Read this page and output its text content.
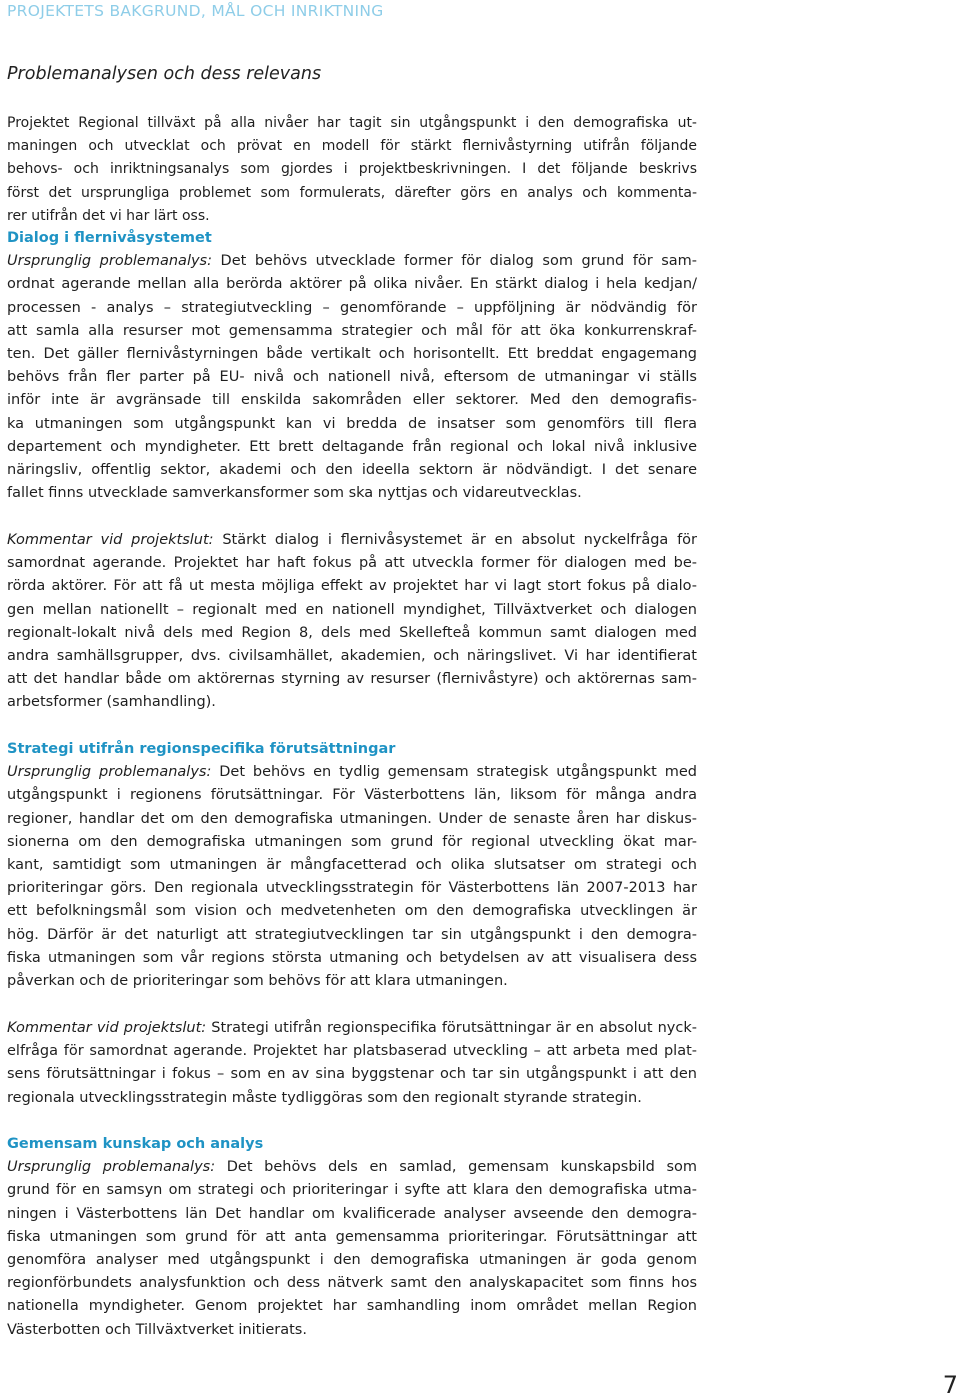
PROJEKTETS BAKGRUND, MÅL OCH INRIKTNING
Problemanalysen och dess relevans
Projektet Regional tillväxt på alla nivåer har tagit sin utgångspunkt i den demografiska ut-
maningen och utvecklat och prövat en modell för stärkt flernivåstyrning utifrån följande
behovs- och inriktningsanalys som gjordes i projektbeskrivningen. I det följande beskrivs
först det ursprungliga problemet som formulerats, därefter görs en analys och kommenta-
rer utifrån det vi har lärt oss.
Dialog i flernivåsystemet
Ursprunglig problemanalys: Det behövs utvecklade former för dialog som grund för sam-
ordnat agerande mellan alla berörda aktörer på olika nivåer. En stärkt dialog i hela kedjan/
processen - analys – strategiutveckling – genomförande – uppföljning är nödvändig för
att samla alla resurser mot gemensamma strategier och mål för att öka konkurrenskraf-
ten. Det gäller flernivåstyrningen både vertikalt och horisontellt. Ett breddat engagemang
behövs från fler parter på EU- nivå och nationell nivå, eftersom de utmaningar vi ställs
inför inte är avgränsade till enskilda sakområden eller sektorer. Med den demografis-
ka utmaningen som utgångspunkt kan vi bredda de insatser som genomförs till flera
departement och myndigheter. Ett brett deltagande från regional och lokal nivå inklusive
näringsliv, offentlig sektor, akademi och den ideella sektorn är nödvändigt. I det senare
fallet finns utvecklade samverkansformer som ska nyttjas och vidareutvecklas.
Kommentar vid projektslut: Stärkt dialog i flernivåsystemet är en absolut nyckelfråga för
samordnat agerande. Projektet har haft fokus på att utveckla former för dialogen med be-
rörda aktörer. För att få ut mesta möjliga effekt av projektet har vi lagt stort fokus på dialo-
gen mellan nationellt – regionalt med en nationell myndighet, Tillväxtverket och dialogen
regionalt-lokalt nivå dels med Region 8, dels med Skellefteå kommun samt dialogen med
andra samhällsgrupper, dvs. civilsamhället, akademien, och näringslivet. Vi har identifierat
att det handlar både om aktörernas styrning av resurser (flernivåstyre) och aktörernas sam-
arbetsformer (samhandling).
Strategi utifrån regionspecifika förutsättningar
Ursprunglig problemanalys: Det behövs en tydlig gemensam strategisk utgångspunkt med
utgångspunkt i regionens förutsättningar. För Västerbottens län, liksom för många andra
regioner, handlar det om den demografiska utmaningen. Under de senaste åren har diskus-
sionerna om den demografiska utmaningen som grund för regional utveckling ökat mar-
kant, samtidigt som utmaningen är mångfacetterad och olika slutsatser om strategi och
prioriteringar görs. Den regionala utvecklingsstrategin för Västerbottens län 2007-2013 har
ett befolkningsmål som vision och medvetenheten om den demografiska utvecklingen är
hög. Därför är det naturligt att strategiutvecklingen tar sin utgångspunkt i den demogra-
fiska utmaningen som vår regions största utmaning och betydelsen av att visualisera dess
påverkan och de prioriteringar som behövs för att klara utmaningen.
Kommentar vid projektslut: Strategi utifrån regionspecifika förutsättningar är en absolut nyck-
elfråga för samordnat agerande. Projektet har platsbaserad utveckling – att arbeta med plat-
sens förutsättningar i fokus – som en av sina byggstenar och tar sin utgångspunkt i att den
regionala utvecklingsstrategin måste tydliggöras som den regionalt styrande strategin.
Gemensam kunskap och analys
Ursprunglig problemanalys: Det behövs dels en samlad, gemensam kunskapsbild som
grund för en samsyn om strategi och prioriteringar i syfte att klara den demografiska utma-
ningen i Västerbottens län Det handlar om kvalificerade analyser avseende den demogra-
fiska utmaningen som grund för att anta gemensamma prioriteringar. Förutsättningar att
genomföra analyser med utgångspunkt i den demografiska utmaningen är goda genom
regionförbundets analysfunktion och dess nätverk samt den analyskapacitet som finns hos
nationella myndigheter. Genom projektet har samhandling inom området mellan Region
Västerbotten och Tillväxtverket initierats.
7
